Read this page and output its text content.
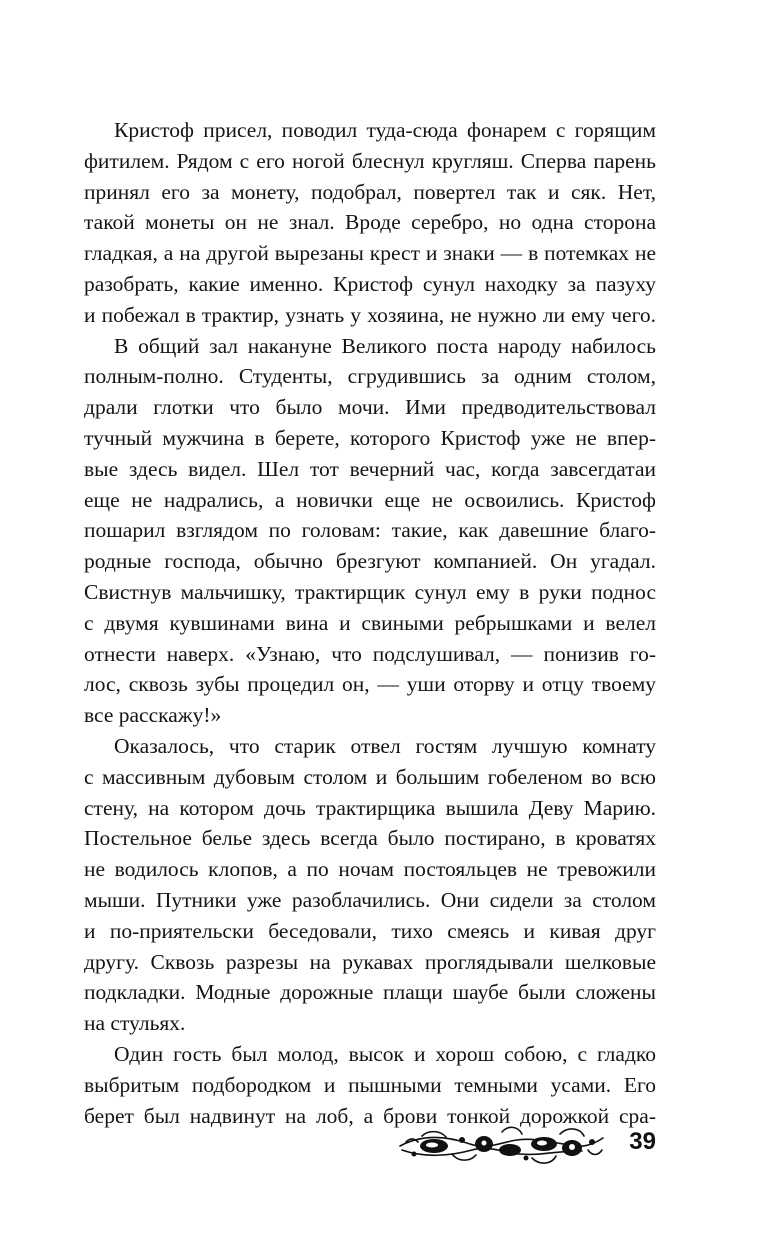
Кристоф присел, поводил туда-сюда фонарем с горящим
фитилем. Рядом с его ногой блеснул кругляш. Сперва парень
принял его за монету, подобрал, повертел так и сяк. Нет,
такой монеты он не знал. Вроде серебро, но одна сторона
гладкая, а на другой вырезаны крест и знаки — в потемках не
разобрать, какие именно. Кристоф сунул находку за пазуху
и побежал в трактир, узнать у хозяина, не нужно ли ему чего.
В общий зал накануне Великого поста народу набилось
полным-полно. Студенты, сгрудившись за одним столом,
драли глотки что было мочи. Ими предводительствовал
тучный мужчина в берете, которого Кристоф уже не впер-
вые здесь видел. Шел тот вечерний час, когда завсегдатаи
еще не надрались, а новички еще не освоились. Кристоф
пошарил взглядом по головам: такие, как давешние благо-
родные господа, обычно брезгуют компанией. Он угадал.
Свистнув мальчишку, трактирщик сунул ему в руки поднос
с двумя кувшинами вина и свиными ребрышками и велел
отнести наверх. «Узнаю, что подслушивал, — понизив го-
лос, сквозь зубы процедил он, — уши оторву и отцу твоему
все расскажу!»
Оказалось, что старик отвел гостям лучшую комнату
с массивным дубовым столом и большим гобеленом во всю
стену, на котором дочь трактирщика вышила Деву Марию.
Постельное белье здесь всегда было постирано, в кроватях
не водилось клопов, а по ночам постояльцев не тревожили
мыши. Путники уже разоблачились. Они сидели за столом
и по-приятельски беседовали, тихо смеясь и кивая друг
другу. Сквозь разрезы на рукавах проглядывали шелковые
подкладки. Модные дорожные плащи шаубе были сложены
на стульях.
Один гость был молод, высок и хорош собою, с гладко
выбритым подбородком и пышными темными усами. Его
берет был надвинут на лоб, а брови тонкой дорожкой сра-
39
